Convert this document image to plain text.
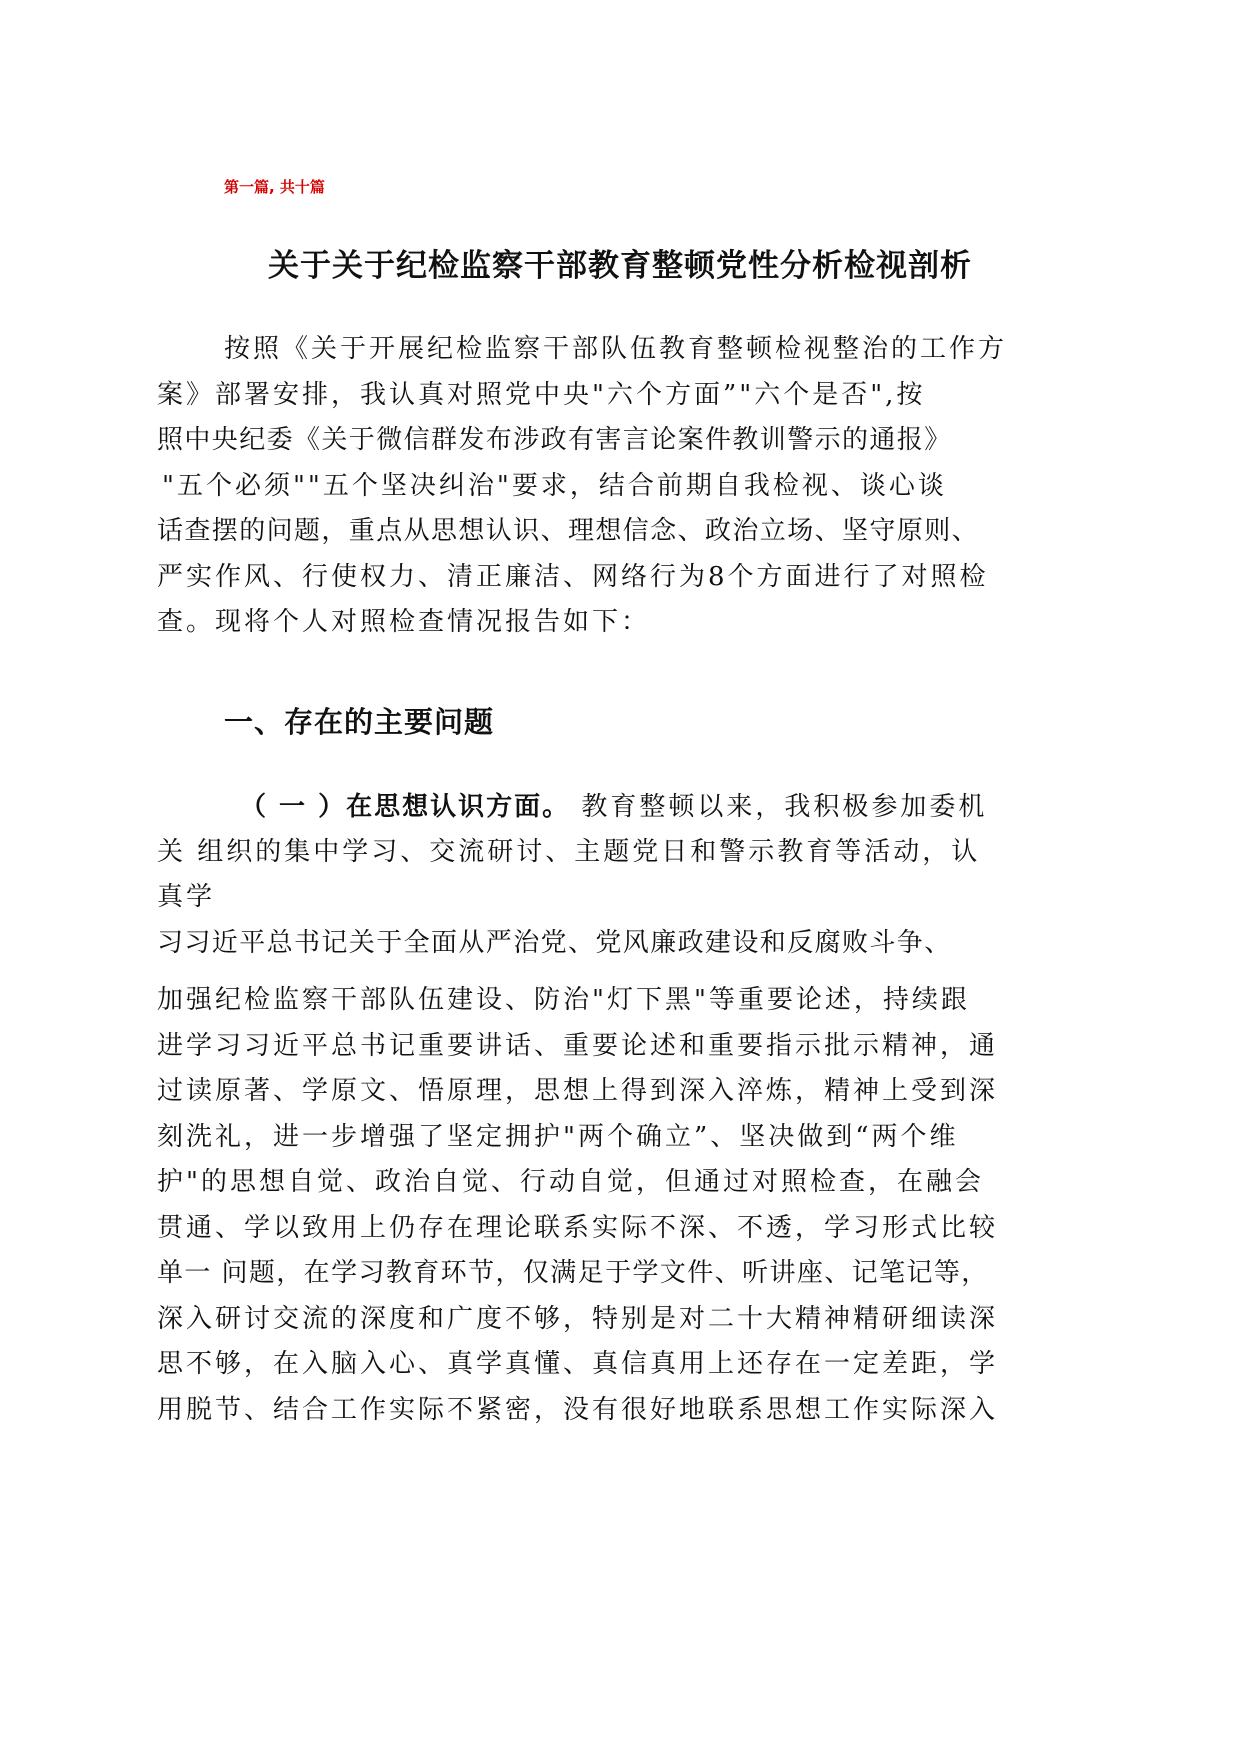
第一篇, 共十篇
关于关于纪检监察干部教育整顿党性分析检视剖析
按照《关于开展纪检监察干部队伍教育整顿检视整治的工作方
案》部署安排，我认真对照党中央"六个方面”"六个是否",按
照中央纪委《关于微信群发布涉政有害言论案件教训警示的通报》
"五个必须""五个坚决纠治"要求，结合前期自我检视、谈心谈
话查摆的问题，重点从思想认识、理想信念、政治立场、坚守原则、
严实作风、行使权力、清正廉洁、网络行为8个方面进行了对照检
查。现将个人对照检查情况报告如下：
一、存在的主要问题
（ 一 ）在思想认识方面。 教育整顿以来，我积极参加委机
关 组织的集中学习、交流研讨、主题党日和警示教育等活动，认
真学
习习近平总书记关于全面从严治党、党风廉政建设和反腐败斗争、
加强纪检监察干部队伍建设、防治"灯下黑"等重要论述，持续跟
进学习习近平总书记重要讲话、重要论述和重要指示批示精神，通
过读原著、学原文、悟原理，思想上得到深入淬炼，精神上受到深
刻洗礼，进一步增强了坚定拥护"两个确立”、坚决做到“两个维
护"的思想自觉、政治自觉、行动自觉，但通过对照检查，在融会
贯通、学以致用上仍存在理论联系实际不深、不透，学习形式比较
单一 问题，在学习教育环节，仅满足于学文件、听讲座、记笔记等，
深入研讨交流的深度和广度不够，特别是对二十大精神精研细读深
思不够，在入脑入心、真学真懂、真信真用上还存在一定差距，学
用脱节、结合工作实际不紧密，没有很好地联系思想工作实际深入
